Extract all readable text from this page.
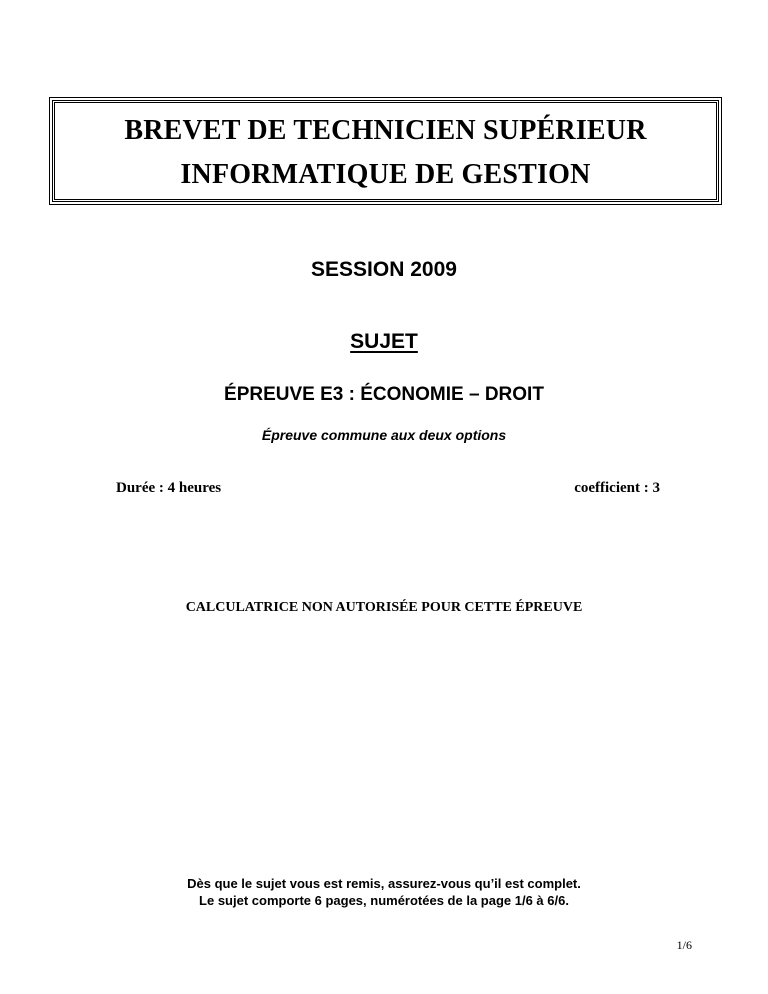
BREVET DE TECHNICIEN SUPÉRIEUR
INFORMATIQUE DE GESTION
SESSION 2009
SUJET
ÉPREUVE E3 : ÉCONOMIE – DROIT
Épreuve commune aux deux options
Durée : 4 heures	coefficient : 3
CALCULATRICE NON AUTORISÉE POUR CETTE ÉPREUVE
Dès que le sujet vous est remis, assurez-vous qu’il est complet.
Le sujet comporte 6 pages, numérotées de la page 1/6 à 6/6.
1/6
